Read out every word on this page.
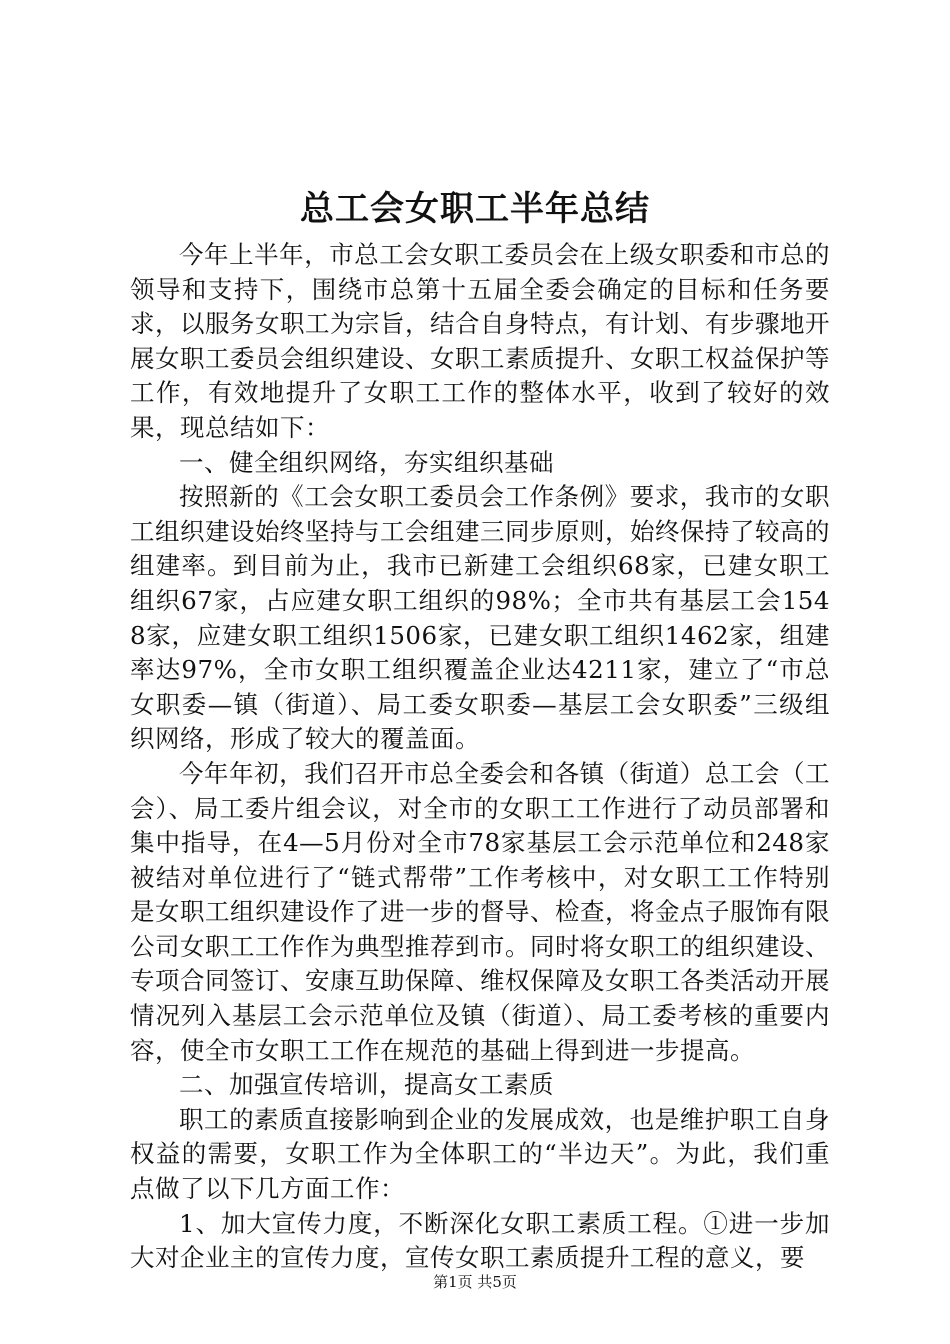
总工会女职工半年总结

今年上半年，市总工会女职工委员会在上级女职委和市总的领导和支持下，围绕市总第十五届全委会确定的目标和任务要求，以服务女职工为宗旨，结合自身特点，有计划、有步骤地开展女职工委员会组织建设、女职工素质提升、女职工权益保护等工作，有效地提升了女职工工作的整体水平，收到了较好的效果，现总结如下：

一、健全组织网络，夯实组织基础

按照新的《工会女职工委员会工作条例》要求，我市的女职工组织建设始终坚持与工会组建三同步原则，始终保持了较高的组建率。到目前为止，我市已新建工会组织68家，已建女职工组织67家，占应建女职工组织的98%；全市共有基层工会1548家，应建女职工组织1506家，已建女职工组织1462家，组建率达97%，全市女职工组织覆盖企业达4211家，建立了“市总女职委—镇（街道）、局工委女职委—基层工会女职委”三级组织网络，形成了较大的覆盖面。

今年年初，我们召开市总全委会和各镇（街道）总工会（工会）、局工委片组会议，对全市的女职工工作进行了动员部署和集中指导，在4—5月份对全市78家基层工会示范单位和248家被结对单位进行了“链式帮带”工作考核中，对女职工工作特别是女职工组织建设作了进一步的督导、检查，将金点子服饰有限公司女职工工作作为典型推荐到市。同时将女职工的组织建设、专项合同签订、安康互助保障、维权保障及女职工各类活动开展情况列入基层工会示范单位及镇（街道）、局工委考核的重要内容，使全市女职工工作在规范的基础上得到进一步提高。

二、加强宣传培训，提高女工素质

职工的素质直接影响到企业的发展成效，也是维护职工自身权益的需要，女职工作为全体职工的“半边天”。为此，我们重点做了以下几方面工作：

1、加大宣传力度，不断深化女职工素质工程。①进一步加大对企业主的宣传力度，宣传女职工素质提升工程的意义，要

第1页 共5页
